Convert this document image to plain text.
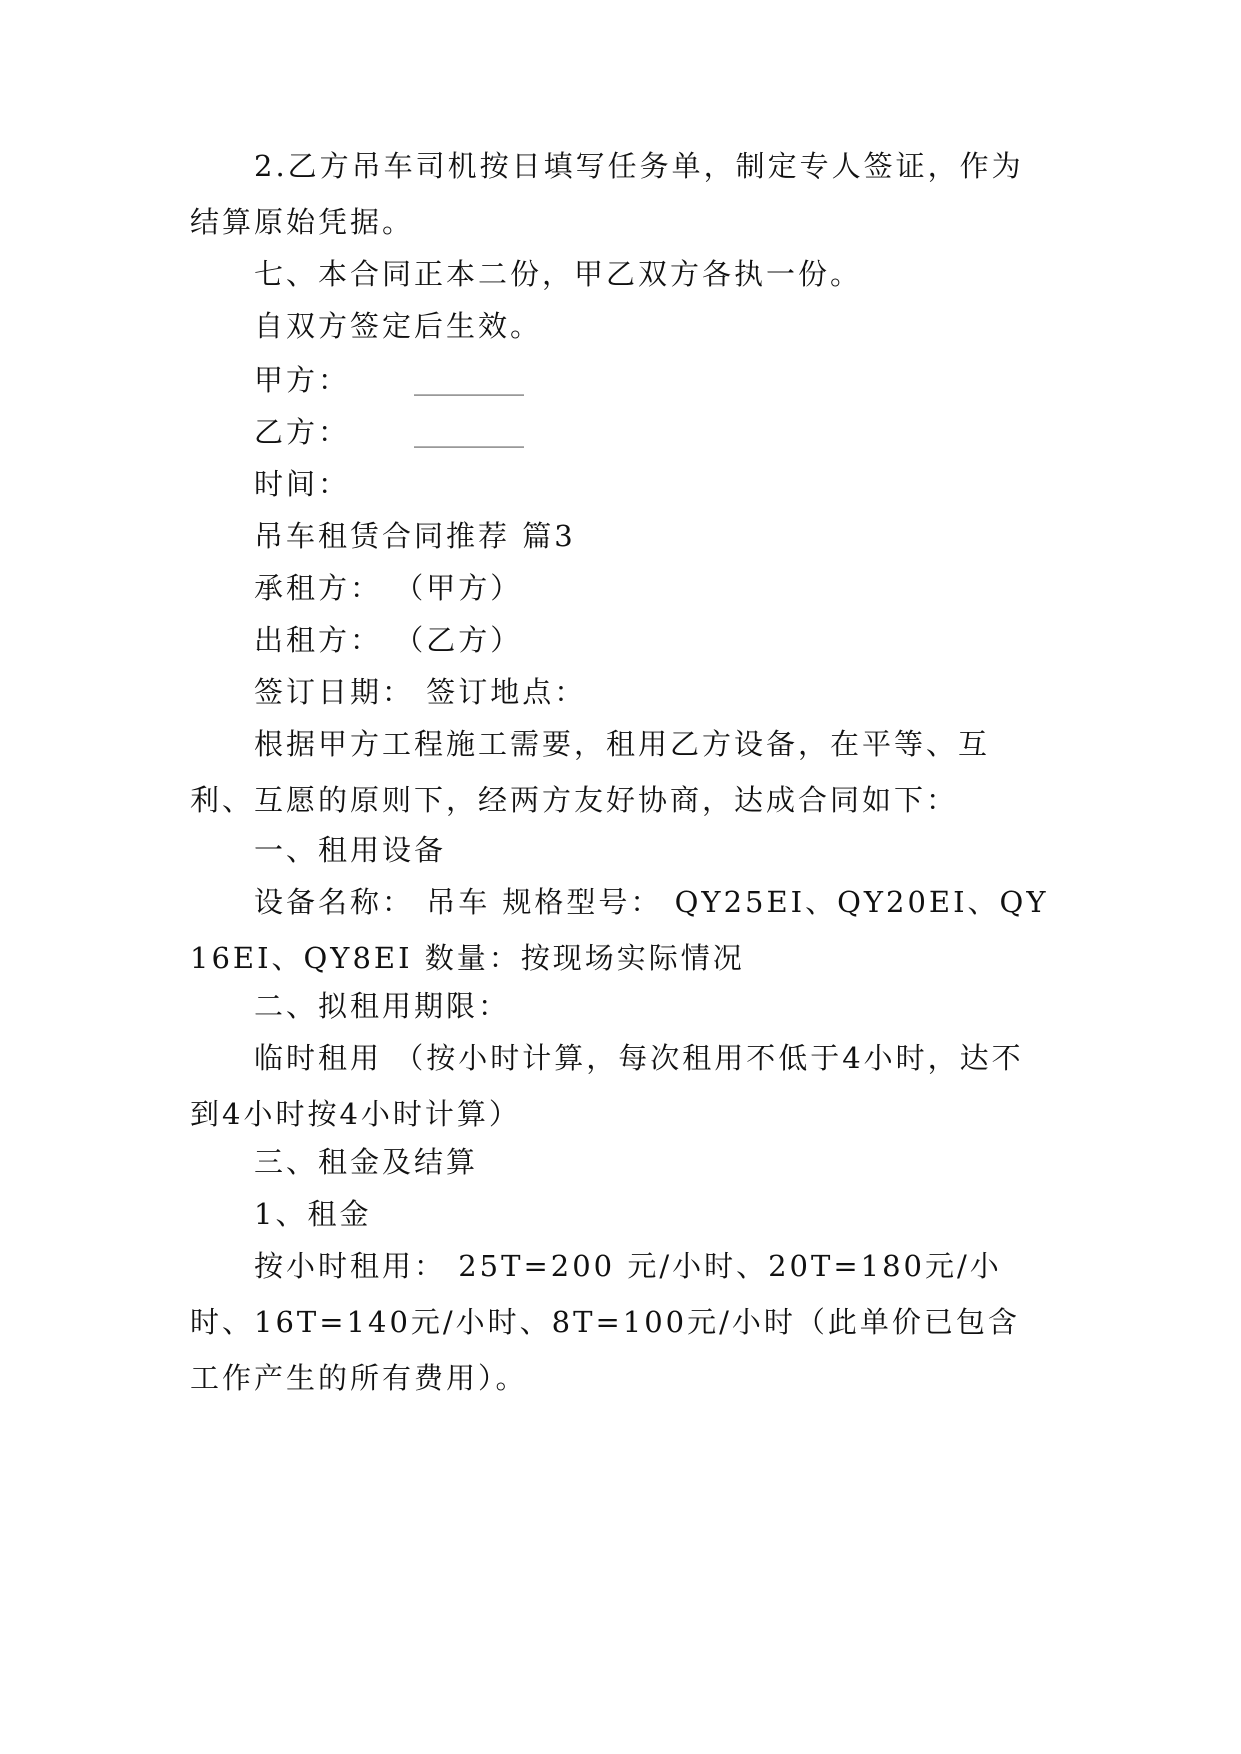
2.乙方吊车司机按日填写任务单，制定专人签证，作为结算原始凭据。

七、本合同正本二份，甲乙双方各执一份。

自双方签定后生效。

甲方：	__________

乙方：	__________

时间：

吊车租赁合同推荐 篇3

承租方： （甲方）

出租方： （乙方）

签订日期： 签订地点：

根据甲方工程施工需要，租用乙方设备，在平等、互利、互愿的原则下，经两方友好协商，达成合同如下：

一、租用设备

设备名称： 吊车 规格型号： QY25EI、QY20EI、QY16EI、QY8EI 数量：按现场实际情况

二、拟租用期限：

临时租用 （按小时计算，每次租用不低于4小时，达不到4小时按4小时计算）

三、租金及结算

1、租金

按小时租用： 25T=200 元/小时、20T=180元/小时、16T=140元/小时、8T=100元/小时（此单价已包含工作产生的所有费用）。
